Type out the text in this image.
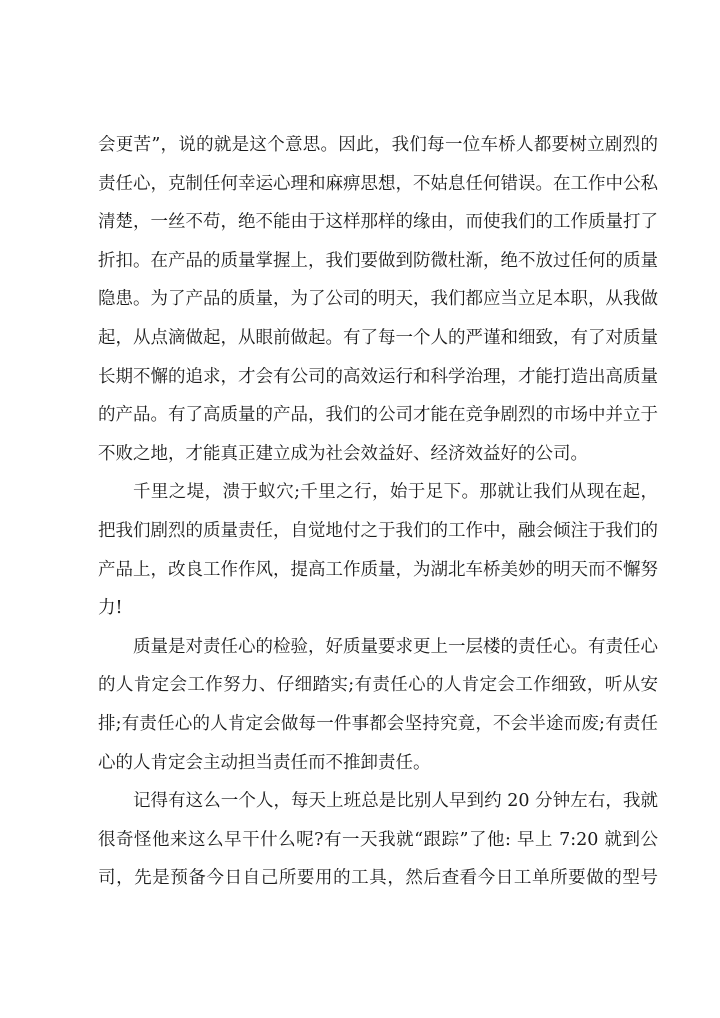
会更苦”，说的就是这个意思。因此，我们每一位车桥人都要树立剧烈的
责任心，克制任何幸运心理和麻痹思想，不姑息任何错误。在工作中公私
清楚，一丝不苟，绝不能由于这样那样的缘由，而使我们的工作质量打了
折扣。在产品的质量掌握上，我们要做到防微杜渐，绝不放过任何的质量
隐患。为了产品的质量，为了公司的明天，我们都应当立足本职，从我做
起，从点滴做起，从眼前做起。有了每一个人的严谨和细致，有了对质量
长期不懈的追求，才会有公司的高效运行和科学治理，才能打造出高质量
的产品。有了高质量的产品，我们的公司才能在竞争剧烈的市场中并立于
不败之地，才能真正建立成为社会效益好、经济效益好的公司。
千里之堤，溃于蚁穴;千里之行，始于足下。那就让我们从现在起，
把我们剧烈的质量责任，自觉地付之于我们的工作中，融会倾注于我们的
产品上，改良工作作风，提高工作质量，为湖北车桥美妙的明天而不懈努
力!
质量是对责任心的检验，好质量要求更上一层楼的责任心。有责任心
的人肯定会工作努力、仔细踏实;有责任心的人肯定会工作细致，听从安
排;有责任心的人肯定会做每一件事都会坚持究竟，不会半途而废;有责任
心的人肯定会主动担当责任而不推卸责任。
记得有这么一个人，每天上班总是比别人早到约 20 分钟左右，我就
很奇怪他来这么早干什么呢?有一天我就“跟踪”了他: 早上 7:20 就到公
司，先是预备今日自己所要用的工具，然后查看今日工单所要做的型号
